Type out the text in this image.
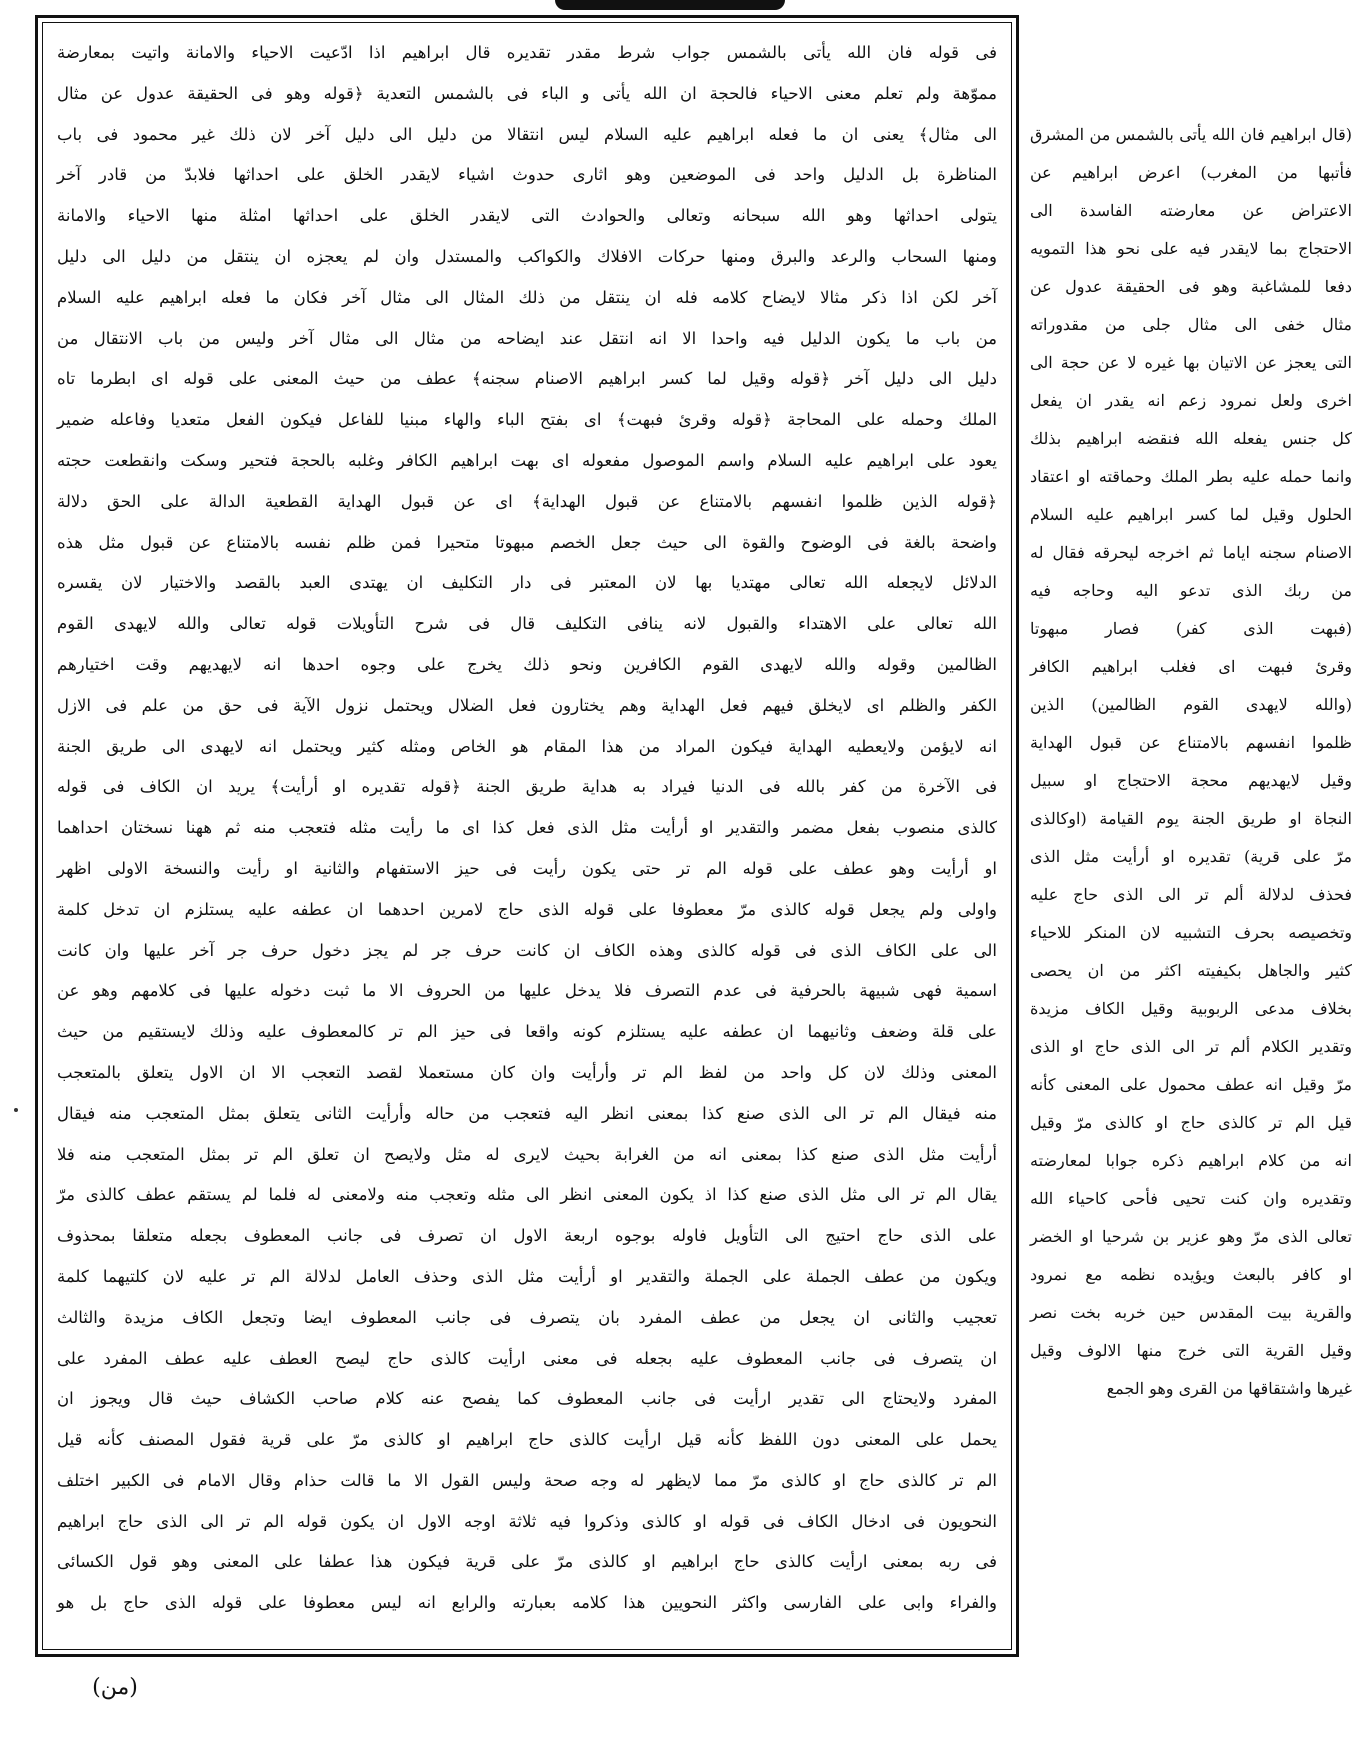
فى قوله فان الله يأتى بالشمس جواب شرط مقدر تقديره قال ابراهيم اذا ادّعيت الاحياء والامانة واتيت بمعارضة
مموّهة ولم تعلم معنى الاحياء فالحجة ان الله يأتى و الباء فى بالشمس التعدية ﴿قوله وهو فى الحقيقة عدول عن مثال
الى مثال﴾ يعنى ان ما فعله ابراهيم عليه السلام ليس انتقالا من دليل الى دليل آخر لان ذلك غير محمود فى باب
المناظرة بل الدليل واحد فى الموضعين وهو اثارى حدوث اشياء لايقدر الخلق على احداثها فلابدّ من قادر آخر
يتولى احداثها وهو الله سبحانه وتعالى والحوادث التى لايقدر الخلق على احداثها امثلة منها الاحياء والامانة
ومنها السحاب والرعد والبرق ومنها حركات الافلاك والكواكب والمستدل وان لم يعجزه ان ينتقل من دليل الى دليل
آخر لكن اذا ذكر مثالا لايضاح كلامه فله ان ينتقل من ذلك المثال الى مثال آخر فكان ما فعله ابراهيم عليه السلام
من باب ما يكون الدليل فيه واحدا الا انه انتقل عند ايضاحه من مثال الى مثال آخر وليس من باب الانتقال من
دليل الى دليل آخر ﴿قوله وقيل لما كسر ابراهيم الاصنام سجنه﴾ عطف من حيث المعنى على قوله اى ابطرما تاه
الملك وحمله على المحاجة ﴿قوله وقرئ فبهت﴾ اى بفتح الباء والهاء مبنيا للفاعل فيكون الفعل متعديا وفاعله ضمير
يعود على ابراهيم عليه السلام واسم الموصول مفعوله اى بهت ابراهيم الكافر وغلبه بالحجة فتحير وسكت وانقطعت حجته
﴿قوله الذين ظلموا انفسهم بالامتناع عن قبول الهداية﴾ اى عن قبول الهداية القطعية الدالة على الحق دلالة
واضحة بالغة فى الوضوح والقوة الى حيث جعل الخصم مبهوتا متحيرا فمن ظلم نفسه بالامتناع عن قبول مثل هذه
الدلائل لايجعله الله تعالى مهتديا بها لان المعتبر فى دار التكليف ان يهتدى العبد بالقصد والاختيار لان يقسره
الله تعالى على الاهتداء والقبول لانه ينافى التكليف قال فى شرح التأويلات قوله تعالى والله لايهدى القوم
الظالمين وقوله والله لايهدى القوم الكافرين ونحو ذلك يخرج على وجوه احدها انه لايهديهم وقت اختيارهم
الكفر والظلم اى لايخلق فيهم فعل الهداية وهم يختارون فعل الضلال ويحتمل نزول الآية فى حق من علم فى الازل
انه لايؤمن ولايعطيه الهداية فيكون المراد من هذا المقام هو الخاص ومثله كثير ويحتمل انه لايهدى الى طريق الجنة
فى الآخرة من كفر بالله فى الدنيا فيراد به هداية طريق الجنة ﴿قوله تقديره او أرأيت﴾ يريد ان الكاف فى قوله
كالذى منصوب بفعل مضمر والتقدير او أرأيت مثل الذى فعل كذا اى ما رأيت مثله فتعجب منه ثم ههنا نسختان احداهما
او أرأيت وهو عطف على قوله الم تر حتى يكون رأيت فى حيز الاستفهام والثانية او رأيت والنسخة الاولى اظهر
واولى ولم يجعل قوله كالذى مرّ معطوفا على قوله الذى حاج لامرين احدهما ان عطفه عليه يستلزم ان تدخل كلمة
الى على الكاف الذى فى قوله كالذى وهذه الكاف ان كانت حرف جر لم يجز دخول حرف جر آخر عليها وان كانت
اسمية فهى شبيهة بالحرفية فى عدم التصرف فلا يدخل عليها من الحروف الا ما ثبت دخوله عليها فى كلامهم وهو عن
على قلة وضعف وثانيهما ان عطفه عليه يستلزم كونه واقعا فى حيز الم تر كالمعطوف عليه وذلك لايستقيم من حيث
المعنى وذلك لان كل واحد من لفظ الم تر وأرأيت وان كان مستعملا لقصد التعجب الا ان الاول يتعلق بالمتعجب
منه فيقال الم تر الى الذى صنع كذا بمعنى انظر اليه فتعجب من حاله وأرأيت الثانى يتعلق بمثل المتعجب منه فيقال
أرأيت مثل الذى صنع كذا بمعنى انه من الغرابة بحيث لايرى له مثل ولايصح ان تعلق الم تر بمثل المتعجب منه فلا
يقال الم تر الى مثل الذى صنع كذا اذ يكون المعنى انظر الى مثله وتعجب منه ولامعنى له فلما لم يستقم عطف كالذى مرّ
على الذى حاج احتيج الى التأويل فاوله بوجوه اربعة الاول ان تصرف فى جانب المعطوف بجعله متعلقا بمحذوف
ويكون من عطف الجملة على الجملة والتقدير او أرأيت مثل الذى وحذف العامل لدلالة الم تر عليه لان كلتيهما كلمة
تعجيب والثانى ان يجعل من عطف المفرد بان يتصرف فى جانب المعطوف ايضا وتجعل الكاف مزيدة والثالث
ان يتصرف فى جانب المعطوف عليه بجعله فى معنى ارأيت كالذى حاج ليصح العطف عليه عطف المفرد على
المفرد ولايحتاج الى تقدير ارأيت فى جانب المعطوف كما يفصح عنه كلام صاحب الكشاف حيث قال ويجوز ان
يحمل على المعنى دون اللفظ كأنه قيل ارأيت كالذى حاج ابراهيم او كالذى مرّ على قرية فقول المصنف كأنه قيل
الم تر كالذى حاج او كالذى مرّ مما لايظهر له وجه صحة وليس القول الا ما قالت حذام وقال الامام فى الكبير اختلف
النحويون فى ادخال الكاف فى قوله او كالذى وذكروا فيه ثلاثة اوجه الاول ان يكون قوله الم تر الى الذى حاج ابراهيم
فى ربه بمعنى ارأيت كالذى حاج ابراهيم او كالذى مرّ على قرية فيكون هذا عطفا على المعنى وهو قول الكسائى
والفراء وابى على الفارسى واكثر النحويين هذا كلامه بعبارته والرابع انه ليس معطوفا على قوله الذى حاج بل هو
(قال ابراهيم فان الله يأتى بالشمس من المشرق
فأتبها من المغرب) اعرض ابراهيم عن
الاعتراض عن معارضته الفاسدة الى
الاحتجاج بما لايقدر فيه على نحو هذا التمويه
دفعا للمشاغبة وهو فى الحقيقة عدول عن
مثال خفى الى مثال جلى من مقدوراته
التى يعجز عن الاتيان بها غيره لا عن حجة الى
اخرى ولعل نمرود زعم انه يقدر ان يفعل
كل جنس يفعله الله فنقضه ابراهيم بذلك
وانما حمله عليه بطر الملك وحماقته او اعتقاد
الحلول وقيل لما كسر ابراهيم عليه السلام
الاصنام سجنه اياما ثم اخرجه ليحرقه فقال له
من ربك الذى تدعو اليه وحاجه فيه
(فبهت الذى كفر) فصار مبهوتا
وقرئ فبهت اى فغلب ابراهيم الكافر
(والله لايهدى القوم الظالمين) الذين
ظلموا انفسهم بالامتناع عن قبول الهداية
وقيل لايهديهم محجة الاحتجاج او سبيل
النجاة او طريق الجنة يوم القيامة (اوكالذى
مرّ على قرية) تقديره او أرأيت مثل الذى
فحذف لدلالة ألم تر الى الذى حاج عليه
وتخصيصه بحرف التشبيه لان المنكر للاحياء
كثير والجاهل بكيفيته اكثر من ان يحصى
بخلاف مدعى الربوبية وقيل الكاف مزيدة
وتقدير الكلام ألم تر الى الذى حاج او الذى
مرّ وقيل انه عطف محمول على المعنى كأنه
قيل الم تر كالذى حاج او كالذى مرّ وقيل
انه من كلام ابراهيم ذكره جوابا لمعارضته
وتقديره وان كنت تحيى فأحى كاحياء الله
تعالى الذى مرّ وهو عزير بن شرحيا او الخضر
او كافر بالبعث ويؤيده نظمه مع نمرود
والقرية بيت المقدس حين خربه بخت نصر
وقيل القرية التى خرج منها الالوف وقيل
غيرها واشتقاقها من القرى وهو الجمع
(من)
